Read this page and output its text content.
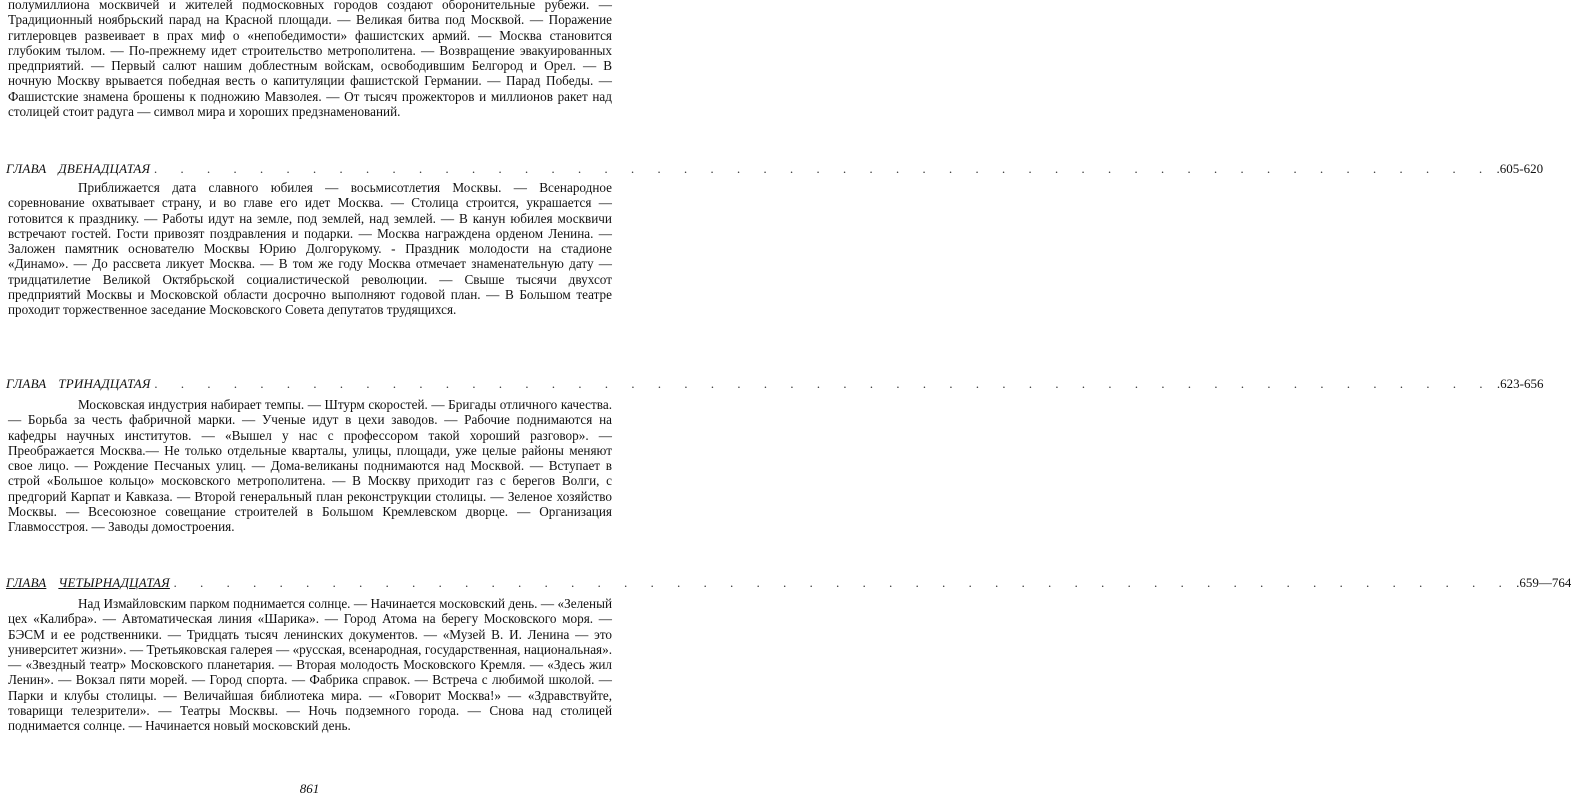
полумиллиона москвичей и жителей подмосковных городов создают оборонительные рубежи. — Традиционный ноябрьский парад на Красной площади. — Великая битва под Москвой. — Поражение гитлеровцев развеивает в прах миф о «непобедимости» фашистских армий. — Москва становится глубоким тылом. — По-прежнему идет строительство метрополитена. — Возвращение эвакуированных предприятий. — Первый салют нашим доблестным войскам, освободившим Белгород и Орел. — В ночную Москву врывается победная весть о капитуляции фашистской Германии. — Парад Победы. — Фашистские знамена брошены к подножию Мавзолея. — От тысяч прожекторов и миллионов ракет над столицей стоит радуга — символ мира и хороших предзнаменований.
ГЛАВА ДВЕНАДЦАТАЯ . . . . . . . . . . . . . . . . . . . . . . . . . . . . . . . . . . . . . . . . . . . . . . . . . . . .605-620
Приближается дата славного юбилея — восьмисотлетия Москвы. — Всенародное соревнование охватывает страну, и во главе его идет Москва. — Столица строится, украшается — готовится к празднику. — Работы идут на земле, под землей, над землей. — В канун юбилея москвичи встречают гостей. Гости привозят поздравления и подарки. — Москва награждена орденом Ленина. — Заложен памятник основателю Москвы Юрию Долгорукому. - Праздник молодости на стадионе «Динамо». — До рассвета ликует Москва. — В том же году Москва отмечает знаменательную дату — тридцатилетие Великой Октябрьской социалистической революции. — Свыше тысячи двухсот предприятий Москвы и Московской области досрочно выполняют годовой план. — В Большом театре проходит торжественное заседание Московского Совета депутатов трудящихся.
ГЛАВА ТРИНАДЦАТАЯ . . . . . . . . . . . . . . . . . . . . . . . . . . . . . . . . . . . . . . . . . . . . . . . . . . . .623-656
Московская индустрия набирает темпы. — Штурм скоростей. — Бригады отличного качества. — Борьба за честь фабричной марки. — Ученые идут в цехи заводов. — Рабочие поднимаются на кафедры научных институтов. — «Вышел у нас с профессором такой хороший разговор». — Преображается Москва.— Не только отдельные кварталы, улицы, площади, уже целые районы меняют свое лицо. — Рождение Песчаных улиц. — Дома-великаны поднимаются над Москвой. — Вступает в строй «Большое кольцо» московского метрополитена. — В Москву приходит газ с берегов Волги, с предгорий Карпат и Кавказа. — Второй генеральный план реконструкции столицы. — Зеленое хозяйство Москвы. — Всесоюзное совещание строителей в Большом Кремлевском дворце. — Организация Главмосстроя. — Заводы домостроения.
ГЛАВА ЧЕТЫРНАДЦАТАЯ . . . . . . . . . . . . . . . . . . . . . . . . . . . . . . . . . . . . . . . . . . . . . . . . . . . .659—764
Над Измайловским парком поднимается солнце. — Начинается московский день. — «Зеленый цех «Калибра». — Автоматическая линия «Шарика». — Город Атома на берегу Московского моря. — БЭСМ и ее родственники. — Тридцать тысяч ленинских документов. — «Музей В. И. Ленина — это университет жизни». — Третьяковская галерея — «русская, всенародная, государственная, национальная». — «Звездный театр» Московского планетария. — Вторая молодость Московского Кремля. — «Здесь жил Ленин». — Вокзал пяти морей. — Город спорта. — Фабрика справок. — Встреча с любимой школой. — Парки и клубы столицы. — Величайшая библиотека мира. — «Говорит Москва!» — «Здравствуйте, товарищи телезрители». — Театры Москвы. — Ночь подземного города. — Снова над столицей поднимается солнце. — Начинается новый московский день.
861
